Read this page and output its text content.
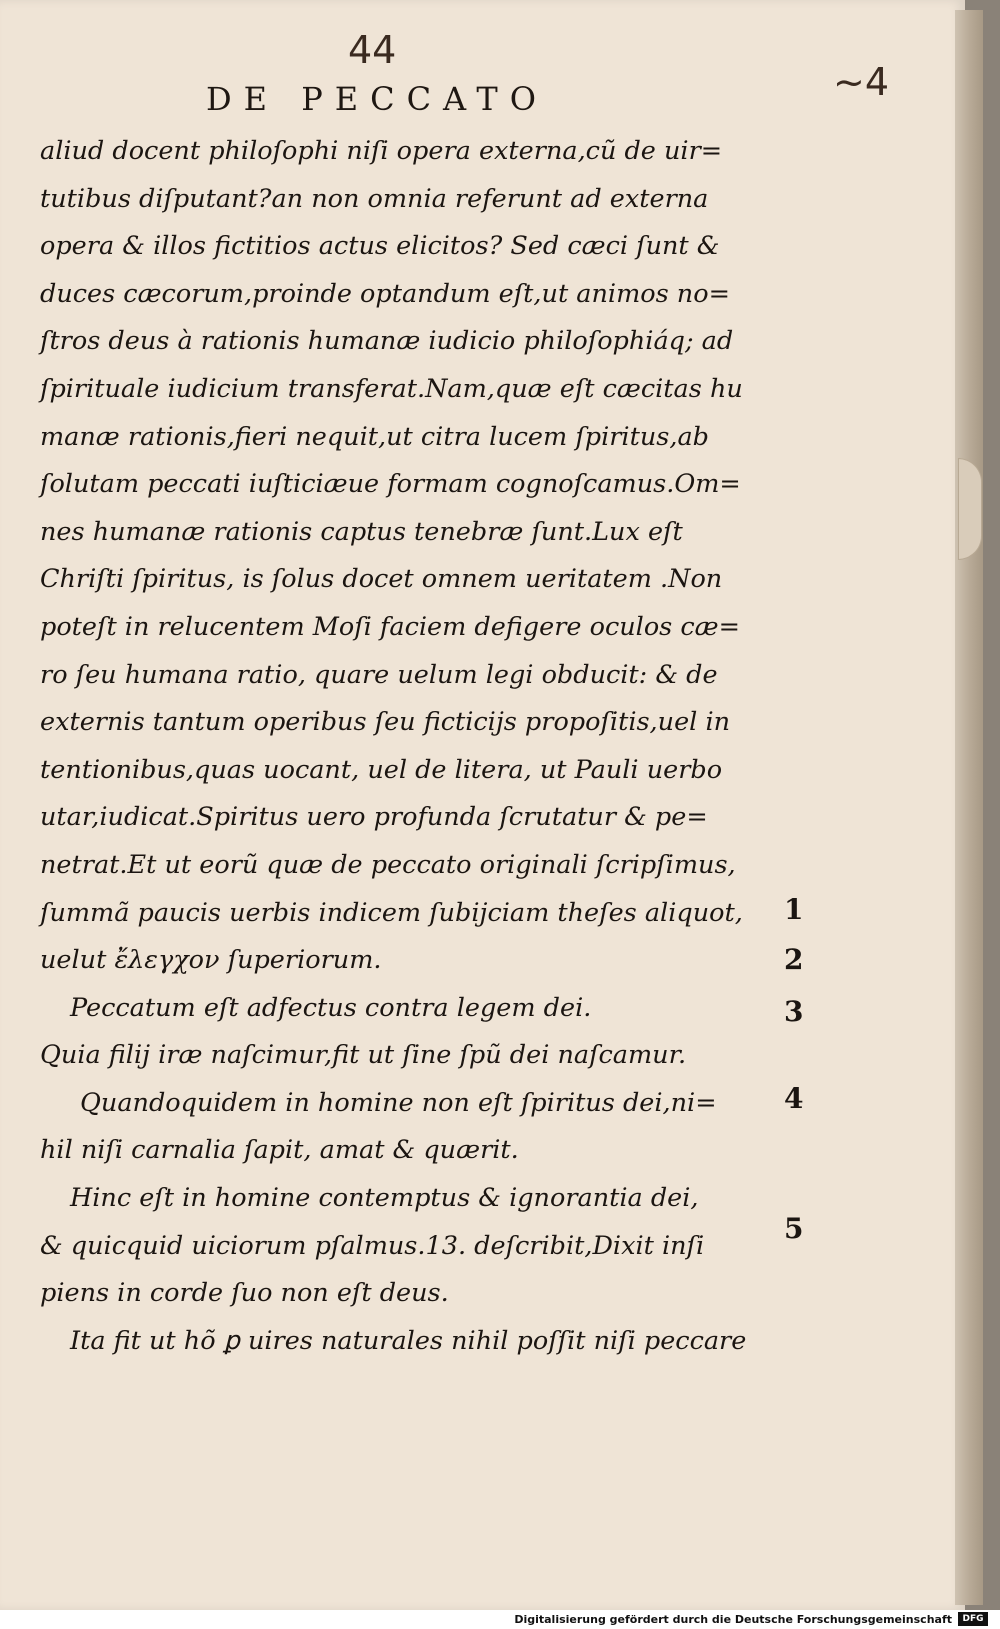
44
~4
DE PECCATO
aliud docent philoſophi niſi opera externa,cũ de uir=
tutibus diſputant?an non omnia referunt ad externa
opera & illos fictitios actus elicitos? Sed cæci ſunt &
duces cæcorum,proinde optandum eſt,ut animos no=
ſtros deus à rationis humanæ iudicio philoſophiáq; ad
ſpirituale iudicium transferat.Nam,quæ eſt cæcitas hu
manæ rationis,fieri nequit,ut citra lucem ſpiritus,ab
ſolutam peccati iuſticiæue formam cognoſcamus.Om=
nes humanæ rationis captus tenebræ ſunt.Lux eſt
Chriſti ſpiritus, is ſolus docet omnem ueritatem .Non
poteſt in relucentem Moſi faciem defigere oculos cæ=
ro ſeu humana ratio, quare uelum legi obducit: & de
externis tantum operibus ſeu ficticijs propoſitis,uel in
tentionibus,quas uocant, uel de litera, ut Pauli uerbo
utar,iudicat.Spiritus uero profunda ſcrutatur & pe=
netrat.Et ut eorũ quæ de peccato originali ſcripſimus,
ſummã paucis uerbis indicem ſubijciam theſes aliquot,
uelut ἔλεγχον ſuperiorum.
Peccatum eſt adfectus contra legem dei.
Quia filij iræ naſcimur,fit ut ſine ſpũ dei naſcamur.
Quandoquidem in homine non eſt ſpiritus dei,ni=
hil niſi carnalia ſapit, amat & quærit.
Hinc eſt in homine contemptus & ignorantia dei,
& quicquid uiciorum pſalmus.13. deſcribit,Dixit inſi
piens in corde ſuo non eſt deus.
Ita fit ut hõ ꝑ uires naturales nihil poſſit niſi peccare
1
2
3
4
5
Digitalisierung gefördert durch die Deutsche Forschungsgemeinschaft	DFG
